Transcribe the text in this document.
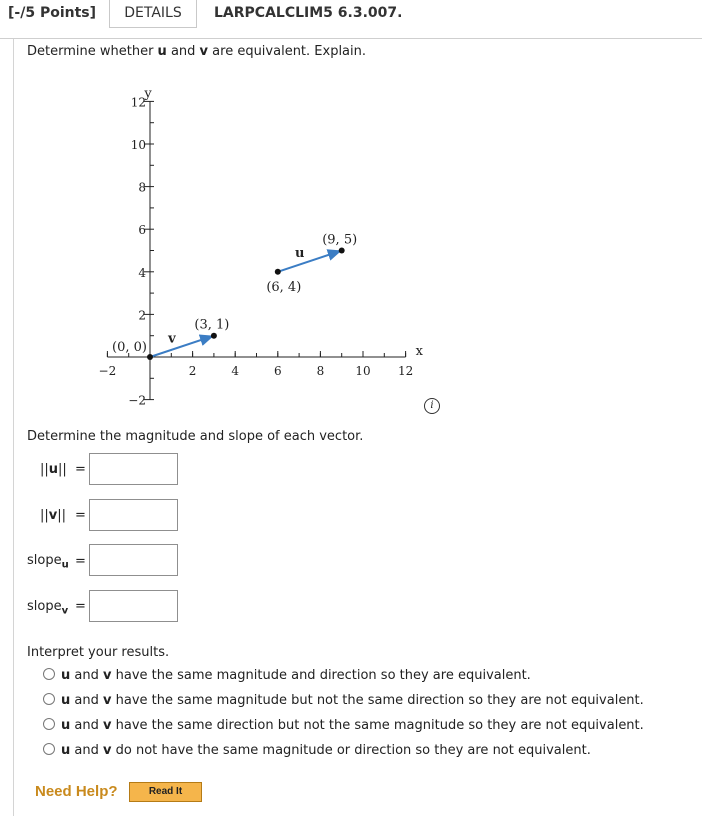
[-/5 Points]	DETAILS	LARPCALCLIM5 6.3.007.
Determine whether u and v are equivalent. Explain.
−2	2	4	6	8	10 12
−2
2
4
6
8
10
12
x
y
u
(6, 4)
(9, 5)
v
(0, 0)
(3, 1)
i
Determine the magnitude and slope of each vector.
||u|| =
||v|| =
slope$_u$ =
slope$_v$ =
Interpret your results.
u and v have the same magnitude and direction so they are equivalent.
u and v have the same magnitude but not the same direction so they are not equivalent.
u and v have the same direction but not the same magnitude so they are not equivalent.
u and v do not have the same magnitude or direction so they are not equivalent.
Need Help?	Read It
